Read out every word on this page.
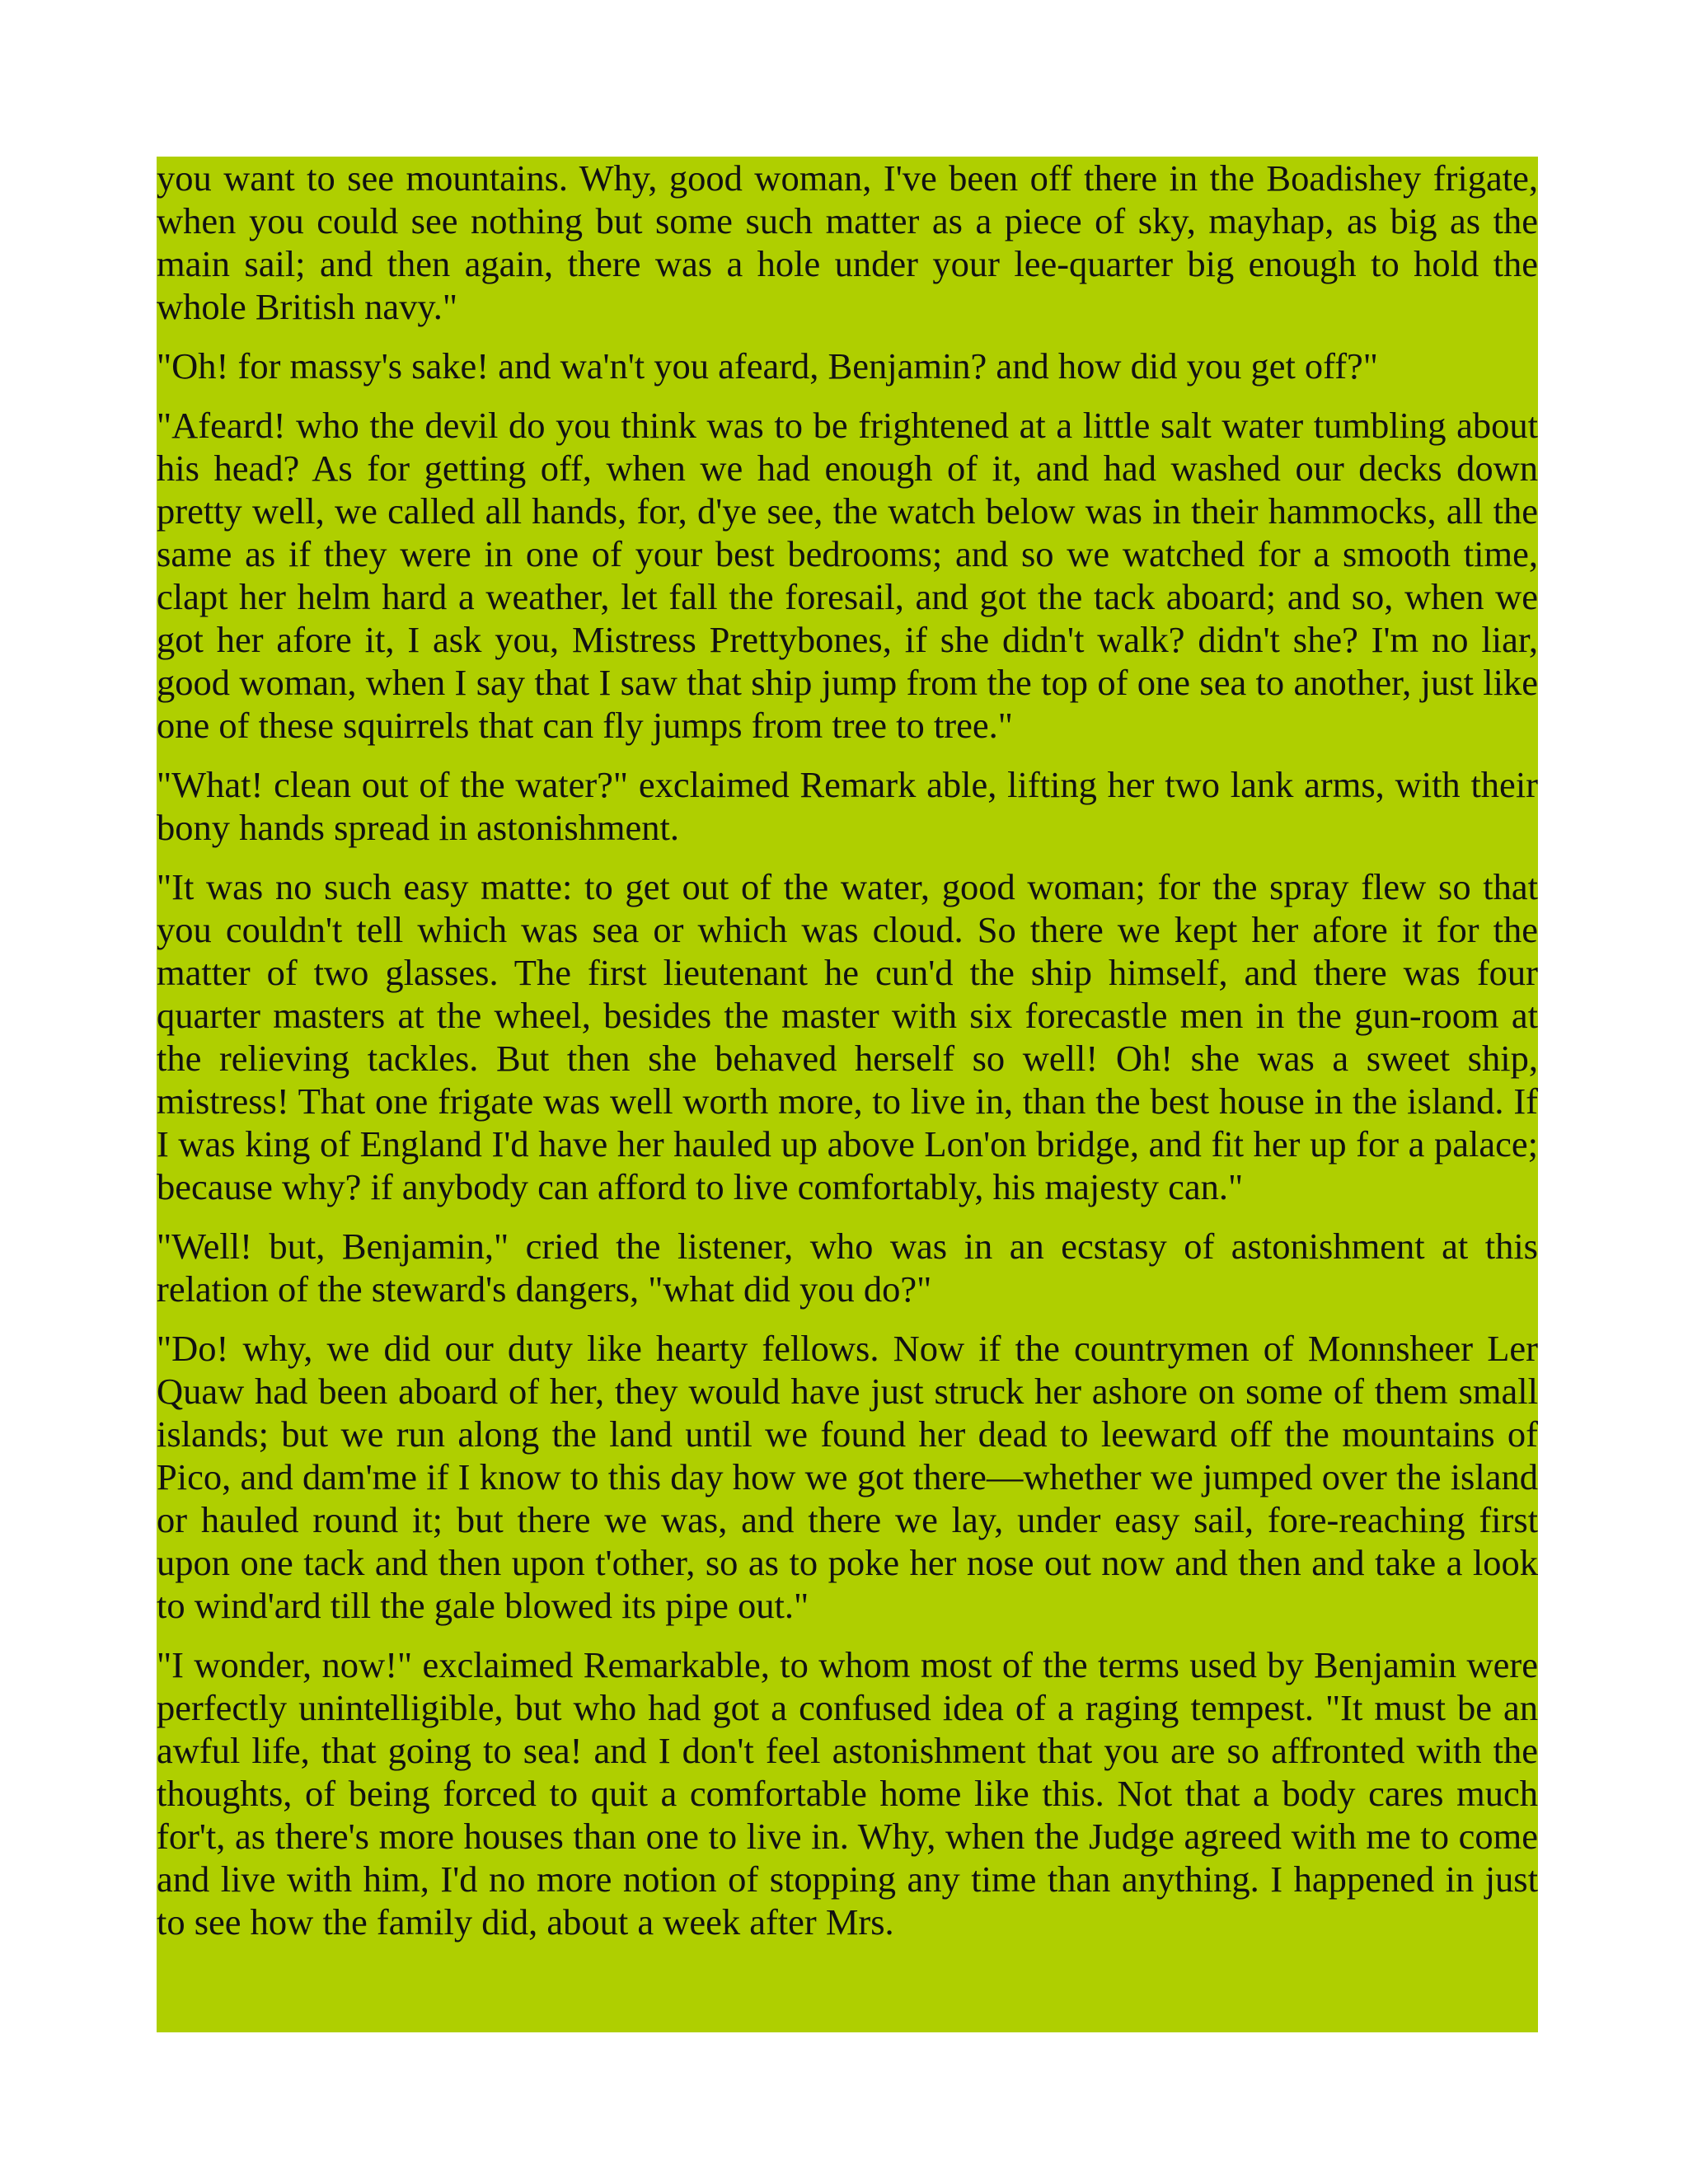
you want to see mountains. Why, good woman, I've been off there in the Boadishey frigate, when you could see nothing but some such matter as a piece of sky, mayhap, as big as the main sail; and then again, there was a hole under your lee-quarter big enough to hold the whole British navy."

"Oh! for massy's sake! and wa'n't you afeard, Benjamin? and how did you get off?"

"Afeard! who the devil do you think was to be frightened at a little salt water tumbling about his head? As for getting off, when we had enough of it, and had washed our decks down pretty well, we called all hands, for, d'ye see, the watch below was in their hammocks, all the same as if they were in one of your best bedrooms; and so we watched for a smooth time, clapt her helm hard a weather, let fall the foresail, and got the tack aboard; and so, when we got her afore it, I ask you, Mistress Prettybones, if she didn't walk? didn't she? I'm no liar, good woman, when I say that I saw that ship jump from the top of one sea to another, just like one of these squirrels that can fly jumps from tree to tree."

"What! clean out of the water?" exclaimed Remark able, lifting her two lank arms, with their bony hands spread in astonishment.

"It was no such easy matte: to get out of the water, good woman; for the spray flew so that you couldn't tell which was sea or which was cloud. So there we kept her afore it for the matter of two glasses. The first lieutenant he cun'd the ship himself, and there was four quarter masters at the wheel, besides the master with six forecastle men in the gun-room at the relieving tackles. But then she behaved herself so well! Oh! she was a sweet ship, mistress! That one frigate was well worth more, to live in, than the best house in the island. If I was king of England I'd have her hauled up above Lon'on bridge, and fit her up for a palace; because why? if anybody can afford to live comfortably, his majesty can."

"Well! but, Benjamin," cried the listener, who was in an ecstasy of astonishment at this relation of the steward's dangers, "what did you do?"

"Do! why, we did our duty like hearty fellows. Now if the countrymen of Monnsheer Ler Quaw had been aboard of her, they would have just struck her ashore on some of them small islands; but we run along the land until we found her dead to leeward off the mountains of Pico, and dam'me if I know to this day how we got there—whether we jumped over the island or hauled round it; but there we was, and there we lay, under easy sail, fore-reaching first upon one tack and then upon t'other, so as to poke her nose out now and then and take a look to wind'ard till the gale blowed its pipe out."

"I wonder, now!" exclaimed Remarkable, to whom most of the terms used by Benjamin were perfectly unintelligible, but who had got a confused idea of a raging tempest. "It must be an awful life, that going to sea! and I don't feel astonishment that you are so affronted with the thoughts, of being forced to quit a comfortable home like this. Not that a body cares much for't, as there's more houses than one to live in. Why, when the Judge agreed with me to come and live with him, I'd no more notion of stopping any time than anything. I happened in just to see how the family did, about a week after Mrs.
